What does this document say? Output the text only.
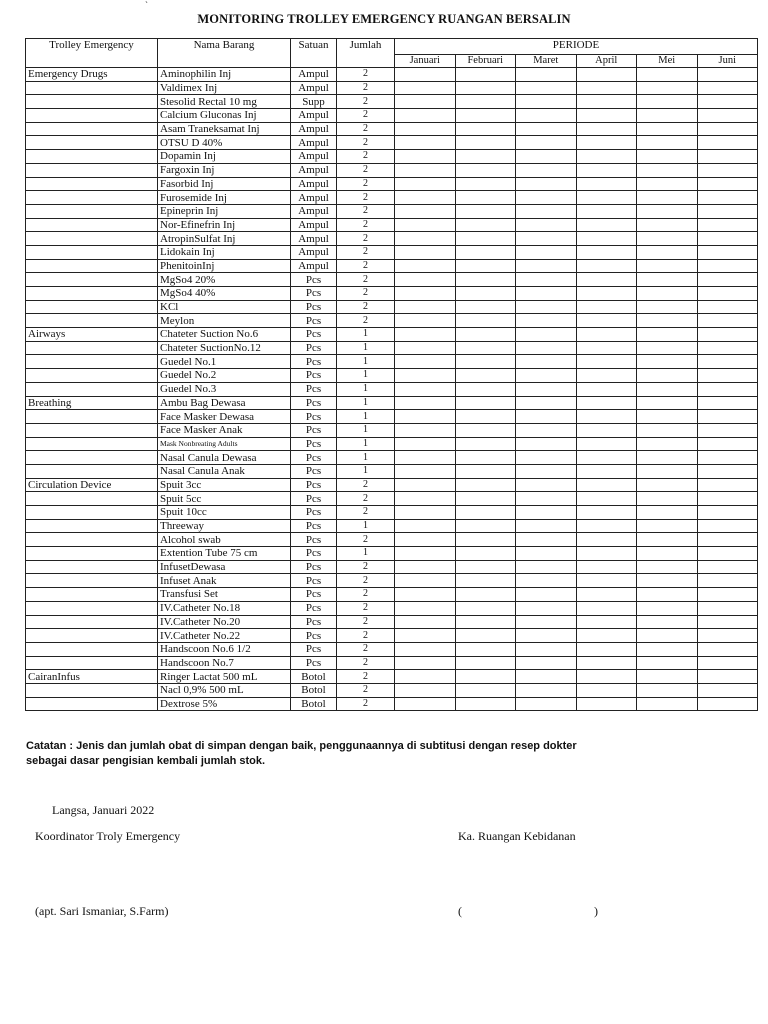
`
MONITORING TROLLEY EMERGENCY RUANGAN BERSALIN
Trolley Emergency	Nama Barang	Satuan	Jumlah	PERIODE					
				Januari	Februari	Maret	April	Mei	Juni
Emergency Drugs	Aminophilin Inj	Ampul	2						
	Valdimex Inj	Ampul	2						
	Stesolid Rectal 10 mg	Supp	2						
	Calcium Gluconas Inj	Ampul	2						
	Asam Traneksamat Inj	Ampul	2						
	OTSU D 40%	Ampul	2						
	Dopamin Inj	Ampul	2						
	Fargoxin Inj	Ampul	2						
	Fasorbid Inj	Ampul	2						
	Furosemide Inj	Ampul	2						
	Epineprin Inj	Ampul	2						
	Nor-Efinefrin Inj	Ampul	2						
	AtropinSulfat Inj	Ampul	2						
	Lidokain Inj	Ampul	2						
	PhenitoinInj	Ampul	2						
	MgSo4 20%	Pcs	2						
	MgSo4 40%	Pcs	2						
	KCl	Pcs	2						
	Meylon	Pcs	2						
Airways	Chateter Suction No.6	Pcs	1						
	Chateter SuctionNo.12	Pcs	1						
	Guedel No.1	Pcs	1						
	Guedel No.2	Pcs	1						
	Guedel No.3	Pcs	1						
Breathing	Ambu Bag Dewasa	Pcs	1						
	Face Masker Dewasa	Pcs	1						
	Face Masker Anak	Pcs	1						
	Mask Nonbreating Adults	Pcs	1						
	Nasal Canula Dewasa	Pcs	1						
	Nasal Canula Anak	Pcs	1						
Circulation Device	Spuit 3cc	Pcs	2						
	Spuit 5cc	Pcs	2						
	Spuit 10cc	Pcs	2						
	Threeway	Pcs	1						
	Alcohol swab	Pcs	2						
	Extention Tube 75 cm	Pcs	1						
	InfusetDewasa	Pcs	2						
	Infuset Anak	Pcs	2						
	Transfusi Set	Pcs	2						
	IV.Catheter No.18	Pcs	2						
	IV.Catheter No.20	Pcs	2						
	IV.Catheter No.22	Pcs	2						
	Handscoon No.6 1/2	Pcs	2						
	Handscoon No.7	Pcs	2						
CairanInfus	Ringer Lactat 500 mL	Botol	2						
	Nacl 0,9% 500 mL	Botol	2						
	Dextrose 5%	Botol	2						
Catatan : Jenis dan jumlah obat di simpan dengan baik, penggunaannya di subtitusi dengan resep dokter
sebagai dasar pengisian kembali jumlah stok.
Langsa, Januari 2022
Koordinator Troly Emergency	Ka. Ruangan Kebidanan
(apt. Sari Ismaniar, S.Farm)	(	)
